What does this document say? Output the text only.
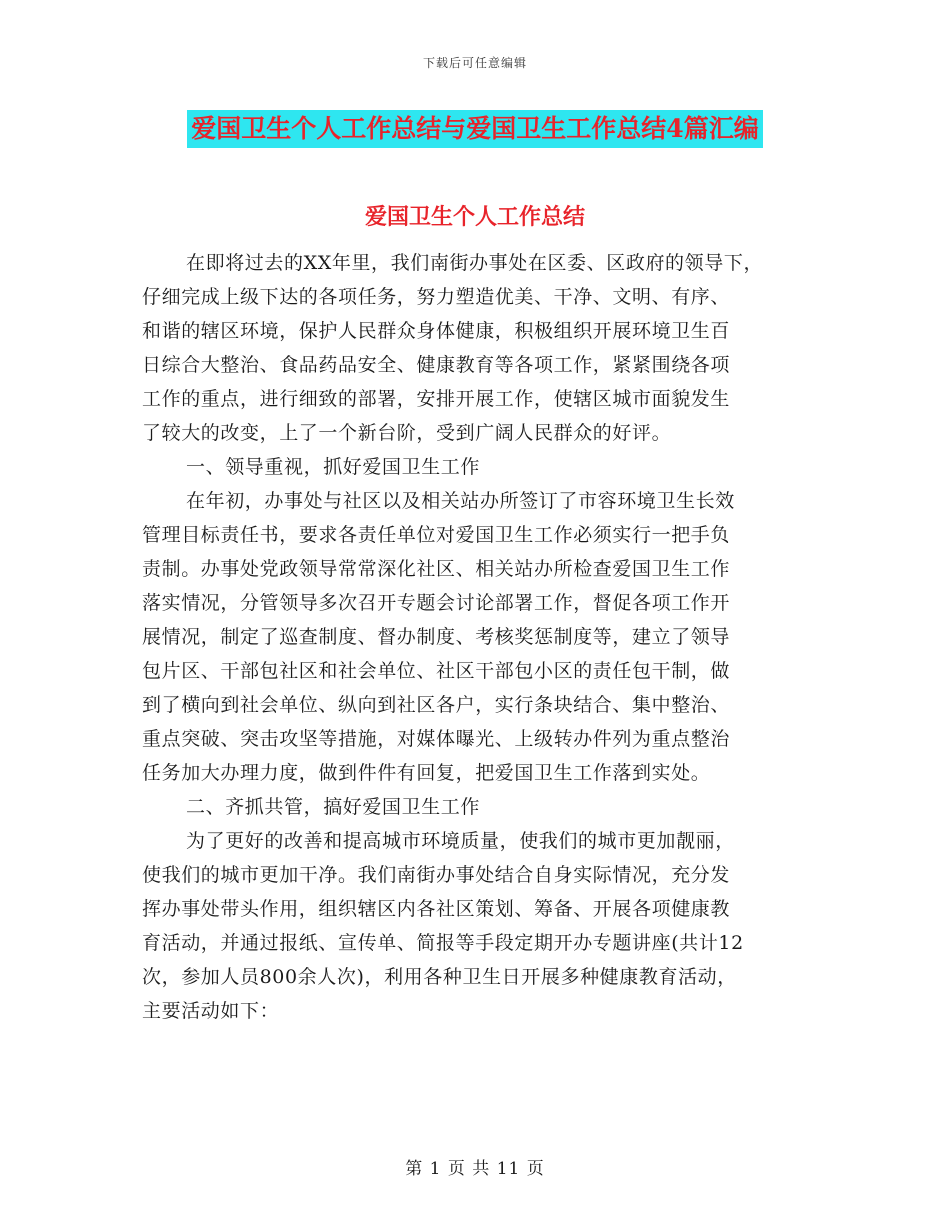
下载后可任意编辑
爱国卫生个人工作总结与爱国卫生工作总结4篇汇编
爱国卫生个人工作总结
在即将过去的XX年里，我们南街办事处在区委、区政府的领导下，
仔细完成上级下达的各项任务，努力塑造优美、干净、文明、有序、
和谐的辖区环境，保护人民群众身体健康，积极组织开展环境卫生百
日综合大整治、食品药品安全、健康教育等各项工作，紧紧围绕各项
工作的重点，进行细致的部署，安排开展工作，使辖区城市面貌发生
了较大的改变，上了一个新台阶，受到广阔人民群众的好评。
一、领导重视，抓好爱国卫生工作
在年初，办事处与社区以及相关站办所签订了市容环境卫生长效
管理目标责任书，要求各责任单位对爱国卫生工作必须实行一把手负
责制。办事处党政领导常常深化社区、相关站办所检查爱国卫生工作
落实情况，分管领导多次召开专题会讨论部署工作，督促各项工作开
展情况，制定了巡查制度、督办制度、考核奖惩制度等，建立了领导
包片区、干部包社区和社会单位、社区干部包小区的责任包干制，做
到了横向到社会单位、纵向到社区各户，实行条块结合、集中整治、
重点突破、突击攻坚等措施，对媒体曝光、上级转办件列为重点整治
任务加大办理力度，做到件件有回复，把爱国卫生工作落到实处。
二、齐抓共管，搞好爱国卫生工作
为了更好的改善和提高城市环境质量，使我们的城市更加靓丽，
使我们的城市更加干净。我们南街办事处结合自身实际情况，充分发
挥办事处带头作用，组织辖区内各社区策划、筹备、开展各项健康教
育活动，并通过报纸、宣传单、简报等手段定期开办专题讲座(共计12
次，参加人员800余人次)，利用各种卫生日开展多种健康教育活动，
主要活动如下：
第 1 页 共 11 页
